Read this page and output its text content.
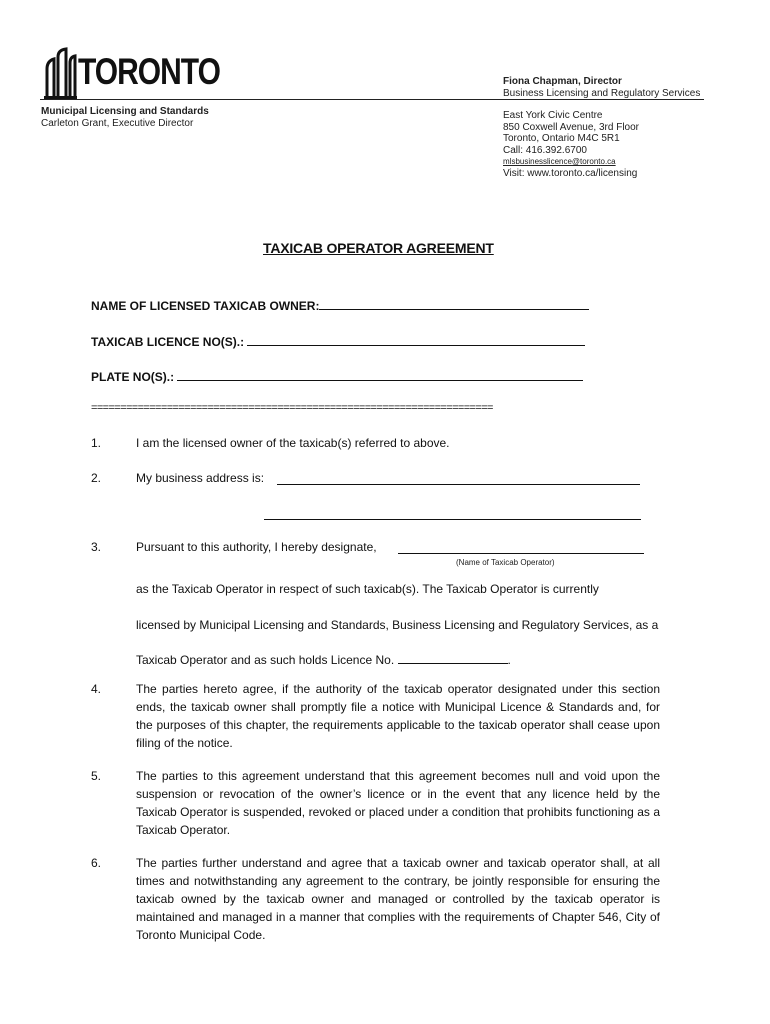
TORONTO	Fiona Chapman, Director
Business Licensing and Regulatory Services
Municipal Licensing and Standards
Carleton Grant, Executive Director
East York Civic Centre
850 Coxwell Avenue, 3rd Floor
Toronto, Ontario M4C 5R1
Call: 416.392.6700
mlsbusinesslicence@toronto.ca
Visit: www.toronto.ca/licensing
TAXICAB OPERATOR AGREEMENT
NAME OF LICENSED TAXICAB OWNER:
TAXICAB LICENCE NO(S).:
PLATE NO(S).:
=====================================================================
1.	I am the licensed owner of the taxicab(s) referred to above.
2.	My business address is:
3.	Pursuant to this authority, I hereby designate,
(Name of Taxicab Operator)
as the Taxicab Operator in respect of such taxicab(s). The Taxicab Operator is currently
licensed by Municipal Licensing and Standards, Business Licensing and Regulatory Services, as a
Taxicab Operator and as such holds Licence No.	.
4.	The parties hereto agree, if the authority of the taxicab operator designated under this section ends, the taxicab owner shall promptly file a notice with Municipal Licence & Standards and, for the purposes of this chapter, the requirements applicable to the taxicab operator shall cease upon filing of the notice.
5.	The parties to this agreement understand that this agreement becomes null and void upon the suspension or revocation of the owner’s licence or in the event that any licence held by the Taxicab Operator is suspended, revoked or placed under a condition that prohibits functioning as a Taxicab Operator.
6.	The parties further understand and agree that a taxicab owner and taxicab operator shall, at all times and notwithstanding any agreement to the contrary, be jointly responsible for ensuring the taxicab owned by the taxicab owner and managed or controlled by the taxicab operator is maintained and managed in a manner that complies with the requirements of Chapter 546, City of Toronto Municipal Code.
